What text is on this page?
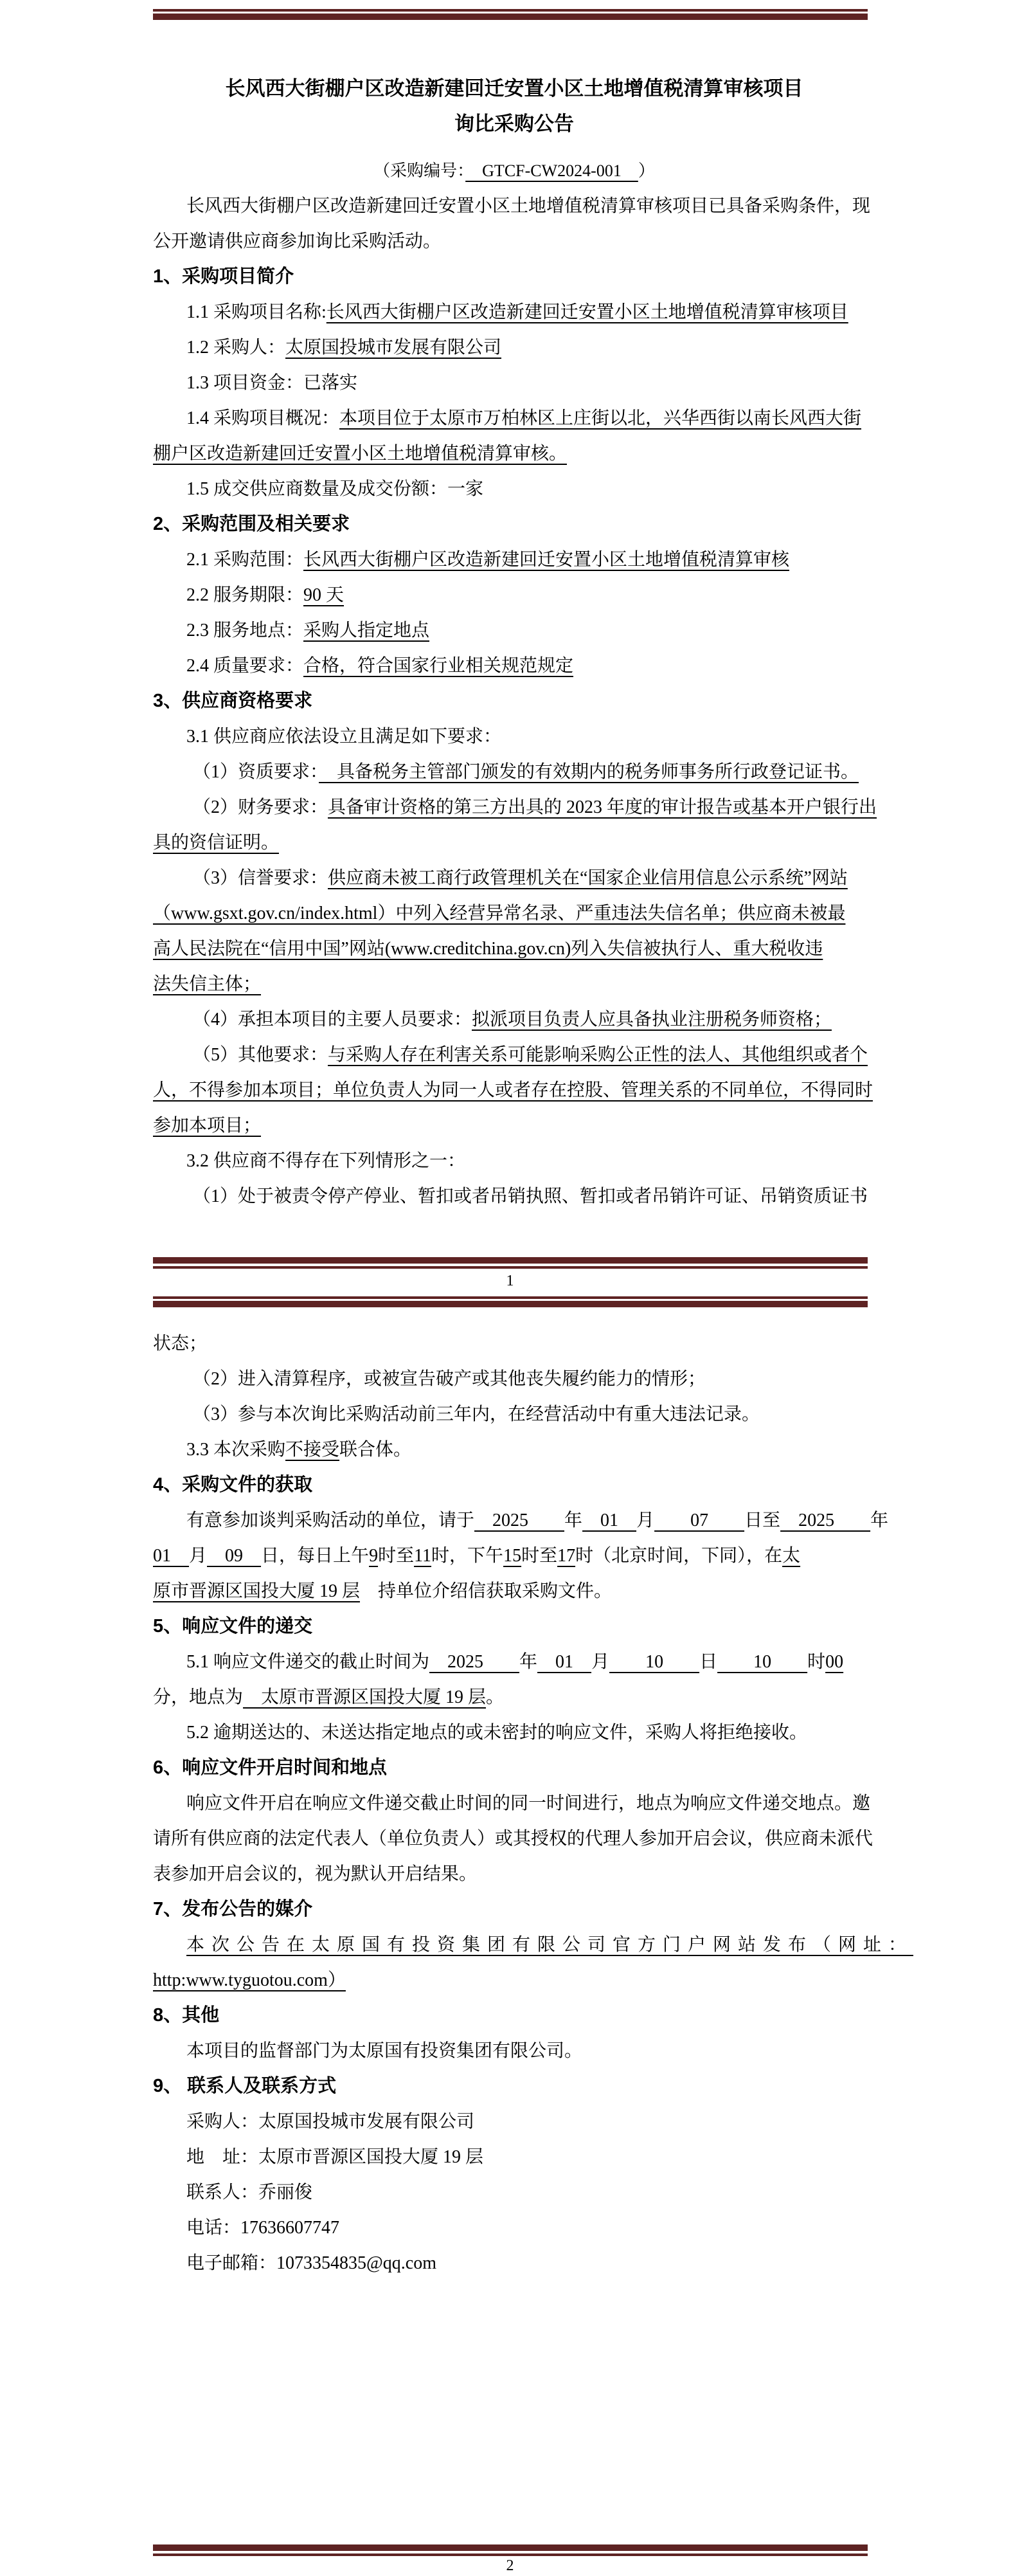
长风西大街棚户区改造新建回迁安置小区土地增值税清算审核项目
询比采购公告
（采购编号：　GTCF-CW2024-001　）
长风西大街棚户区改造新建回迁安置小区土地增值税清算审核项目已具备采购条件，现
公开邀请供应商参加询比采购活动。
1、采购项目简介
1.1 采购项目名称:长风西大街棚户区改造新建回迁安置小区土地增值税清算审核项目
1.2 采购人：太原国投城市发展有限公司
1.3 项目资金：已落实
1.4 采购项目概况：本项目位于太原市万柏林区上庄街以北，兴华西街以南长风西大街
棚户区改造新建回迁安置小区土地增值税清算审核。
1.5 成交供应商数量及成交份额：一家
2、采购范围及相关要求
2.1 采购范围：长风西大街棚户区改造新建回迁安置小区土地增值税清算审核
2.2 服务期限：90 天
2.3 服务地点：采购人指定地点
2.4 质量要求：合格，符合国家行业相关规范规定
3、供应商资格要求
3.1 供应商应依法设立且满足如下要求：
（1）资质要求：　具备税务主管部门颁发的有效期内的税务师事务所行政登记证书。
（2）财务要求：具备审计资格的第三方出具的 2023 年度的审计报告或基本开户银行出
具的资信证明。
（3）信誉要求：供应商未被工商行政管理机关在“国家企业信用信息公示系统”网站
（www.gsxt.gov.cn/index.html）中列入经营异常名录、严重违法失信名单；供应商未被最
高人民法院在“信用中国”网站(www.creditchina.gov.cn)列入失信被执行人、重大税收违
法失信主体；
（4）承担本项目的主要人员要求：拟派项目负责人应具备执业注册税务师资格；
（5）其他要求：与采购人存在利害关系可能影响采购公正性的法人、其他组织或者个
人，不得参加本项目；单位负责人为同一人或者存在控股、管理关系的不同单位，不得同时
参加本项目；
3.2 供应商不得存在下列情形之一：
（1）处于被责令停产停业、暂扣或者吊销执照、暂扣或者吊销许可证、吊销资质证书
1
状态；
（2）进入清算程序，或被宣告破产或其他丧失履约能力的情形；
（3）参与本次询比采购活动前三年内，在经营活动中有重大违法记录。
3.3 本次采购不接受联合体。
4、采购文件的获取
有意参加谈判采购活动的单位，请于　2025　　年　01　月　　07　　日至　2025　　年
01　月　09　日，每日上午9时至11时，下午15时至17时（北京时间，下同），在太
原市晋源区国投大厦 19 层　持单位介绍信获取采购文件。
5、响应文件的递交
5.1 响应文件递交的截止时间为　2025　　年　01　月　　10　　日　　10　　时00
分，地点为　太原市晋源区国投大厦 19 层。
5.2 逾期送达的、未送达指定地点的或未密封的响应文件，采购人将拒绝接收。
6、响应文件开启时间和地点
响应文件开启在响应文件递交截止时间的同一时间进行，地点为响应文件递交地点。邀
请所有供应商的法定代表人（单位负责人）或其授权的代理人参加开启会议，供应商未派代
表参加开启会议的，视为默认开启结果。
7、发布公告的媒介
本次公告在太原国有投资集团有限公司官方门户网站发布（网址：
http:www.tyguotou.com）
8、其他
本项目的监督部门为太原国有投资集团有限公司。
9、 联系人及联系方式
采购人：太原国投城市发展有限公司
地　址：太原市晋源区国投大厦 19 层
联系人：乔丽俊
电话：17636607747
电子邮箱：1073354835@qq.com
2
